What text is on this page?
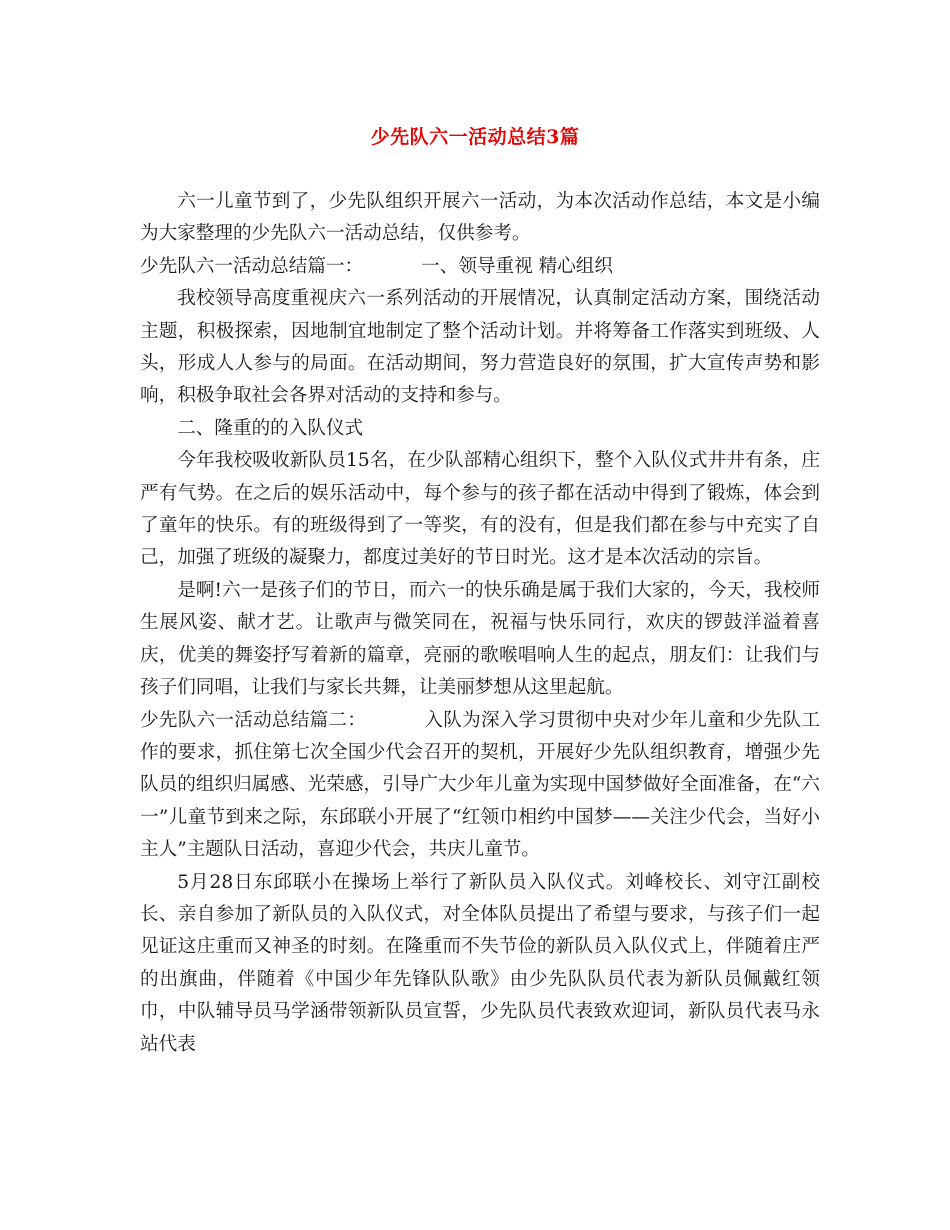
少先队六一活动总结3篇

六一儿童节到了，少先队组织开展六一活动，为本次活动作总结，本文是小编为大家整理的少先队六一活动总结，仅供参考。

少先队六一活动总结篇一：	一、领导重视 精心组织

我校领导高度重视庆六一系列活动的开展情况，认真制定活动方案，围绕活动主题，积极探索，因地制宜地制定了整个活动计划。并将筹备工作落实到班级、人头，形成人人参与的局面。在活动期间，努力营造良好的氛围，扩大宣传声势和影响，积极争取社会各界对活动的支持和参与。

二、隆重的的入队仪式

今年我校吸收新队员15名，在少队部精心组织下，整个入队仪式井井有条，庄严有气势。在之后的娱乐活动中，每个参与的孩子都在活动中得到了锻炼，体会到了童年的快乐。有的班级得到了一等奖，有的没有，但是我们都在参与中充实了自己，加强了班级的凝聚力，都度过美好的节日时光。这才是本次活动的宗旨。

是啊!六一是孩子们的节日，而六一的快乐确是属于我们大家的，今天，我校师生展风姿、献才艺。让歌声与微笑同在，祝福与快乐同行，欢庆的锣鼓洋溢着喜庆，优美的舞姿抒写着新的篇章，亮丽的歌喉唱响人生的起点，朋友们：让我们与孩子们同唱，让我们与家长共舞，让美丽梦想从这里起航。

少先队六一活动总结篇二：	入队为深入学习贯彻中央对少年儿童和少先队工作的要求，抓住第七次全国少代会召开的契机，开展好少先队组织教育，增强少先队员的组织归属感、光荣感，引导广大少年儿童为实现中国梦做好全面准备，在“六一”儿童节到来之际，东邱联小开展了“红领巾相约中国梦——关注少代会，当好小主人”主题队日活动，喜迎少代会，共庆儿童节。

5月28日东邱联小在操场上举行了新队员入队仪式。刘峰校长、刘守江副校长、亲自参加了新队员的入队仪式，对全体队员提出了希望与要求，与孩子们一起见证这庄重而又神圣的时刻。在隆重而不失节俭的新队员入队仪式上，伴随着庄严的出旗曲，伴随着《中国少年先锋队队歌》由少先队队员代表为新队员佩戴红领巾，中队辅导员马学涵带领新队员宣誓，少先队员代表致欢迎词，新队员代表马永站代表
